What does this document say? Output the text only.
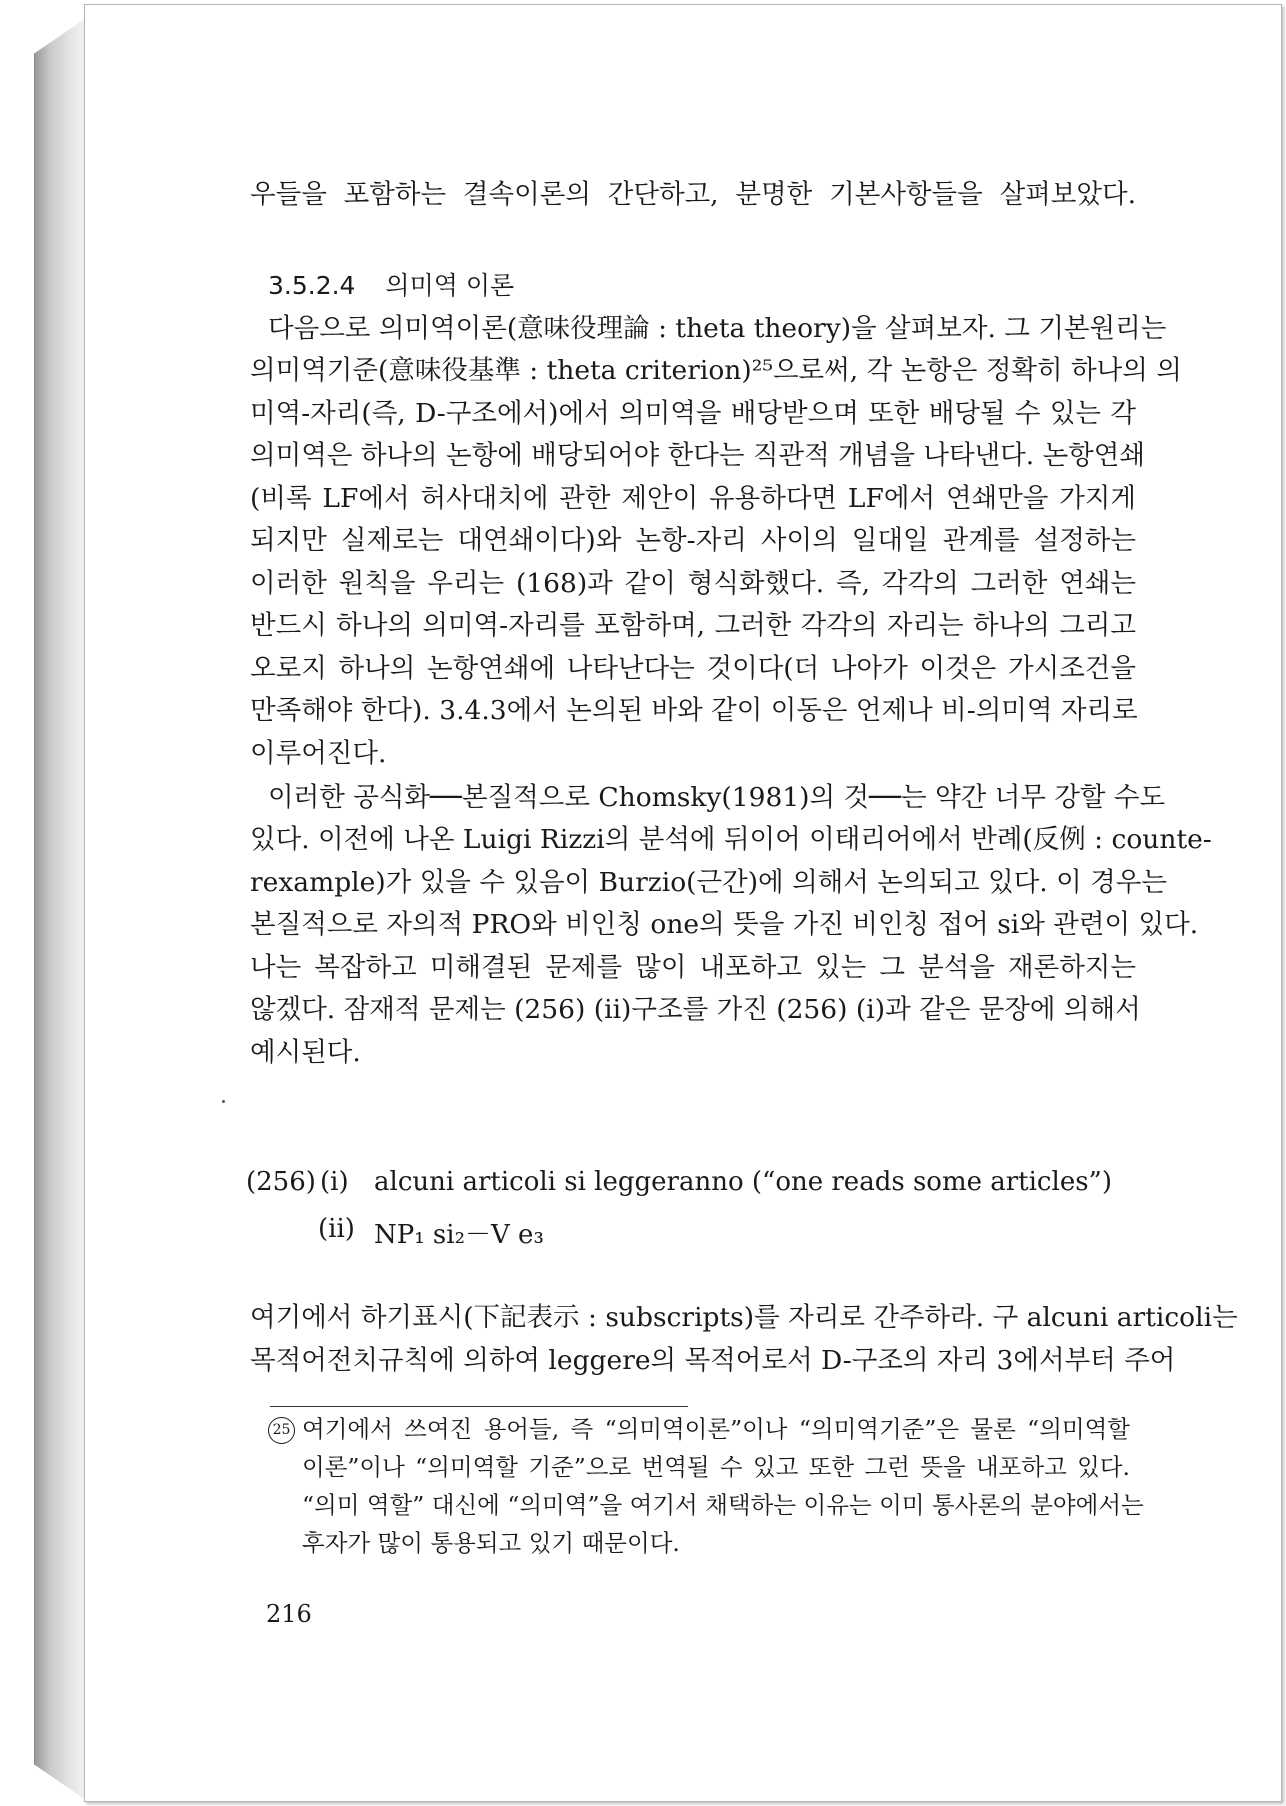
우들을 포함하는 결속이론의 간단하고, 분명한 기본사항들을 살펴보았다.
3.5.2.4 의미역 이론
다음으로 의미역이론(意味役理論 : theta theory)을 살펴보자. 그 기본원리는
의미역기준(意味役基準 : theta criterion)²⁵으로써, 각 논항은 정확히 하나의 의
미역-자리(즉, D-구조에서)에서 의미역을 배당받으며 또한 배당될 수 있는 각
의미역은 하나의 논항에 배당되어야 한다는 직관적 개념을 나타낸다. 논항연쇄
(비록 LF에서 허사대치에 관한 제안이 유용하다면 LF에서 연쇄만을 가지게
되지만 실제로는 대연쇄이다)와 논항-자리 사이의 일대일 관계를 설정하는
이러한 원칙을 우리는 (168)과 같이 형식화했다. 즉, 각각의 그러한 연쇄는
반드시 하나의 의미역-자리를 포함하며, 그러한 각각의 자리는 하나의 그리고
오로지 하나의 논항연쇄에 나타난다는 것이다(더 나아가 이것은 가시조건을
만족해야 한다). 3.4.3에서 논의된 바와 같이 이동은 언제나 비-의미역 자리로
이루어진다.
이러한 공식화──본질적으로 Chomsky(1981)의 것──는 약간 너무 강할 수도
있다. 이전에 나온 Luigi Rizzi의 분석에 뒤이어 이태리어에서 반례(反例 : counte-
rexample)가 있을 수 있음이 Burzio(근간)에 의해서 논의되고 있다. 이 경우는
본질적으로 자의적 PRO와 비인칭 one의 뜻을 가진 비인칭 접어 si와 관련이 있다.
나는 복잡하고 미해결된 문제를 많이 내포하고 있는 그 분석을 재론하지는
않겠다. 잠재적 문제는 (256) (ii)구조를 가진 (256) (i)과 같은 문장에 의해서
예시된다.
(256) (i) alcuni articoli si leggeranno (“one reads some articles”)
(ii) NP₁ si₂－V e₃
여기에서 하기표시(下記表示 : subscripts)를 자리로 간주하라. 구 alcuni articoli는
목적어전치규칙에 의하여 leggere의 목적어로서 D-구조의 자리 3에서부터 주어
25 여기에서 쓰여진 용어들, 즉 “의미역이론”이나 “의미역기준”은 물론 “의미역할
이론”이나 “의미역할 기준”으로 번역될 수 있고 또한 그런 뜻을 내포하고 있다.
“의미 역할” 대신에 “의미역”을 여기서 채택하는 이유는 이미 통사론의 분야에서는
후자가 많이 통용되고 있기 때문이다.
216
